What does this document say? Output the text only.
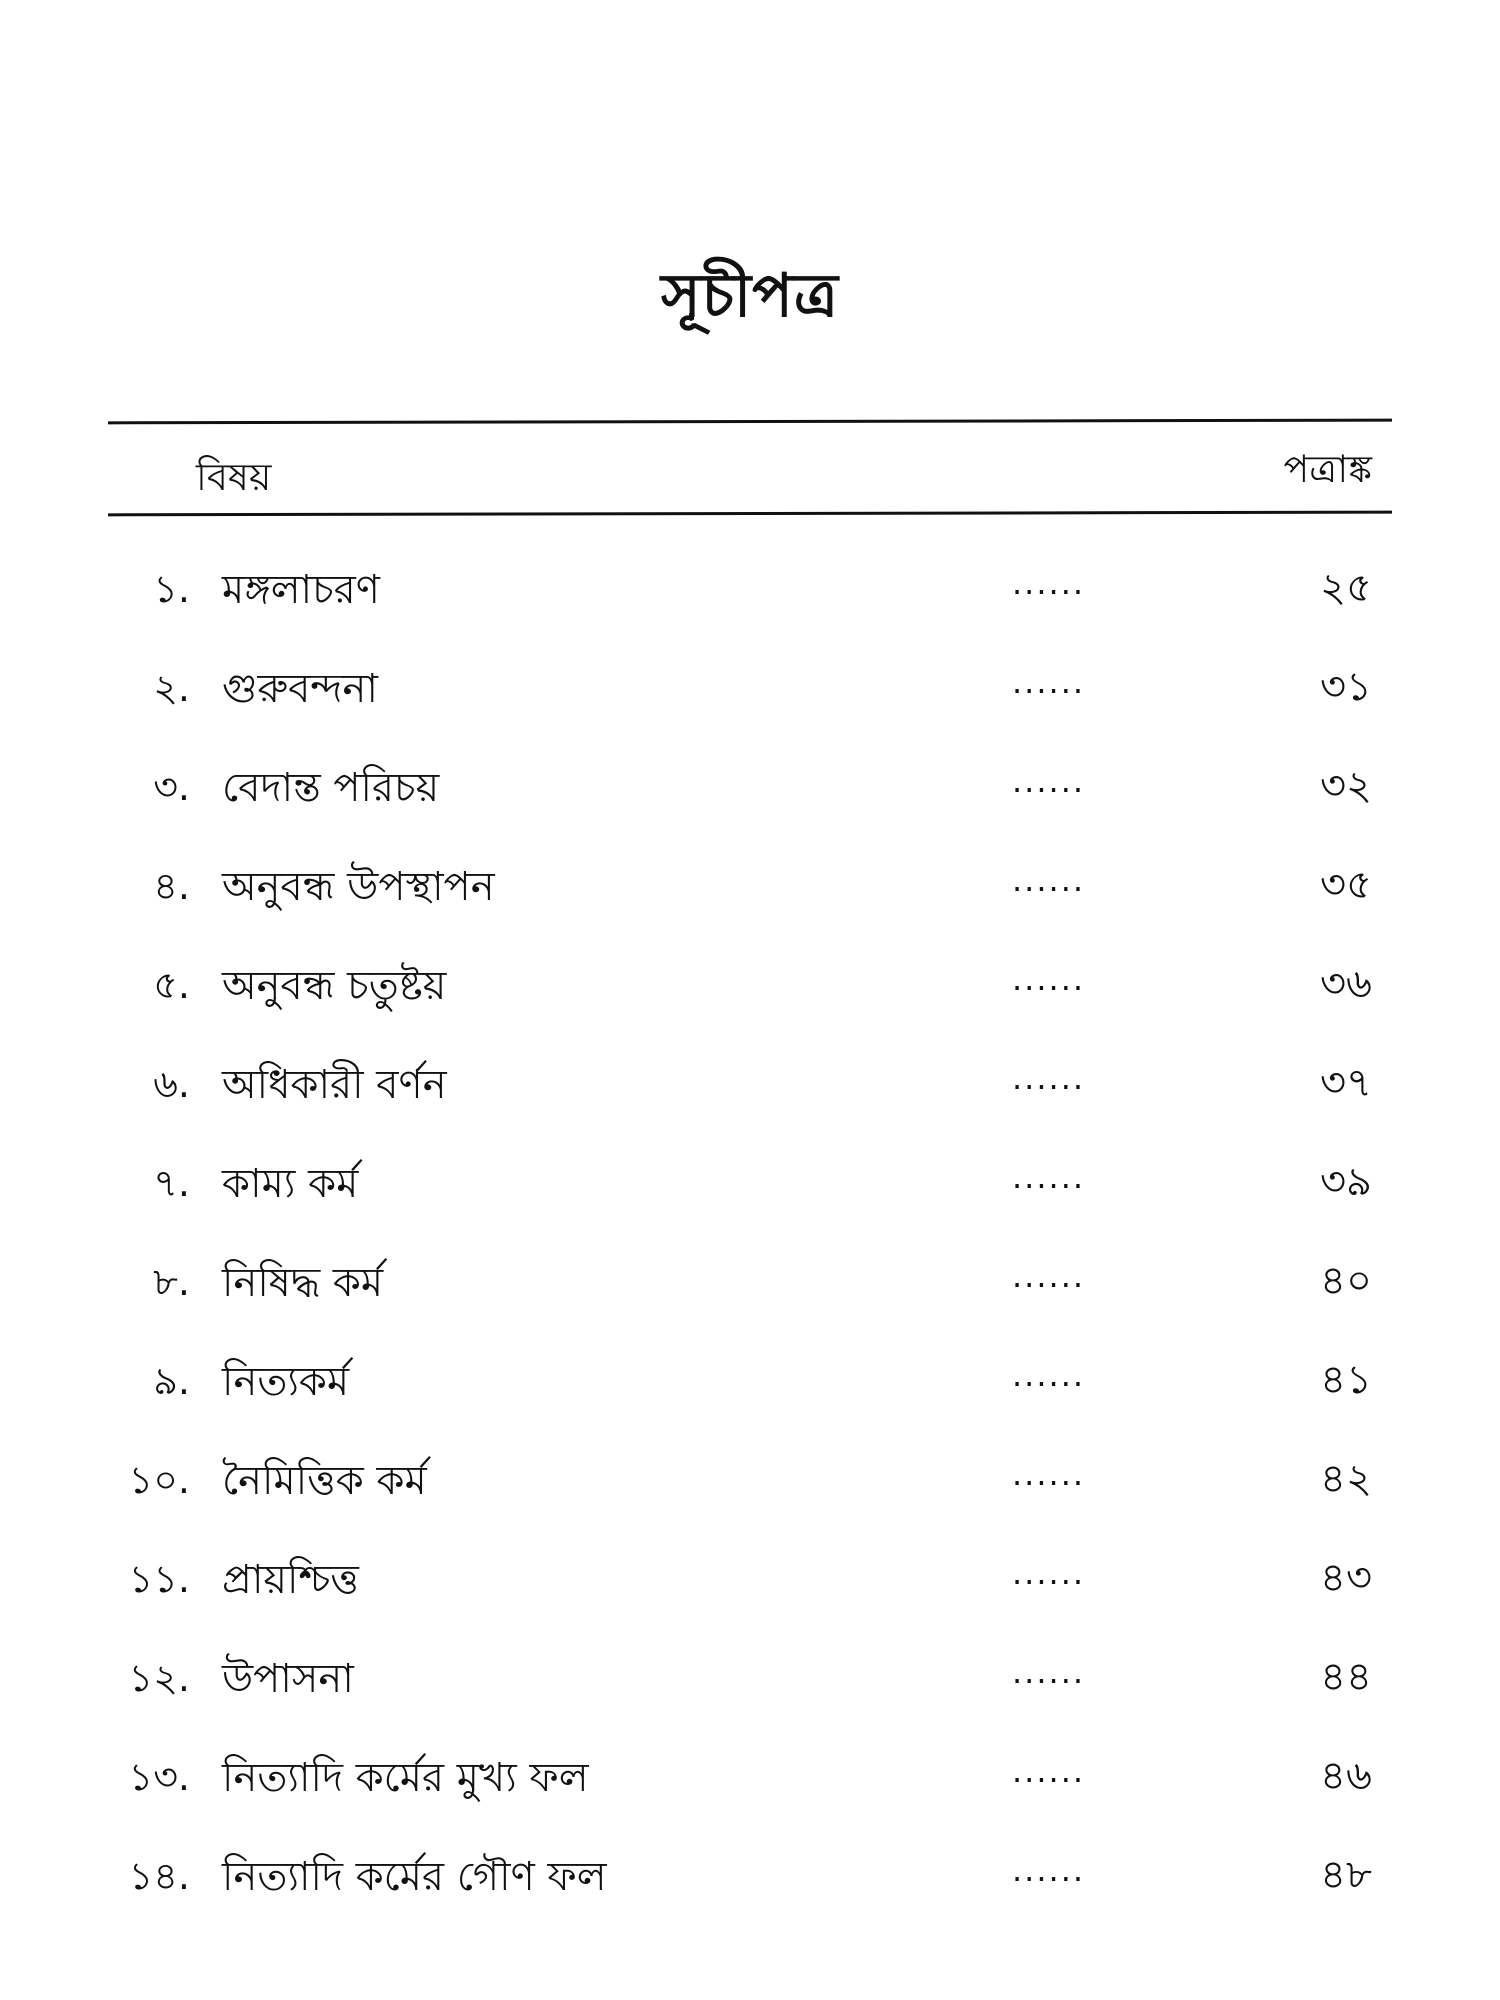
সূচীপত্র
বিষয়	পত্রাঙ্ক
১. মঙ্গলাচরণ	......	২৫
২. গুরুবন্দনা	......	৩১
৩. বেদান্ত পরিচয়	......	৩২
৪. অনুবন্ধ উপস্থাপন	......	৩৫
৫. অনুবন্ধ চতুষ্টয়	......	৩৬
৬. অধিকারী বর্ণন	......	৩৭
৭. কাম্য কর্ম	......	৩৯
৮. নিষিদ্ধ কর্ম	......	৪০
৯. নিত্যকর্ম	......	৪১
১০. নৈমিত্তিক কর্ম	......	৪২
১১. প্রায়শ্চিত্ত	......	৪৩
১২. উপাসনা	......	৪৪
১৩. নিত্যাদি কর্মের মুখ্য ফল	......	৪৬
১৪. নিত্যাদি কর্মের গৌণ ফল	......	৪৮
